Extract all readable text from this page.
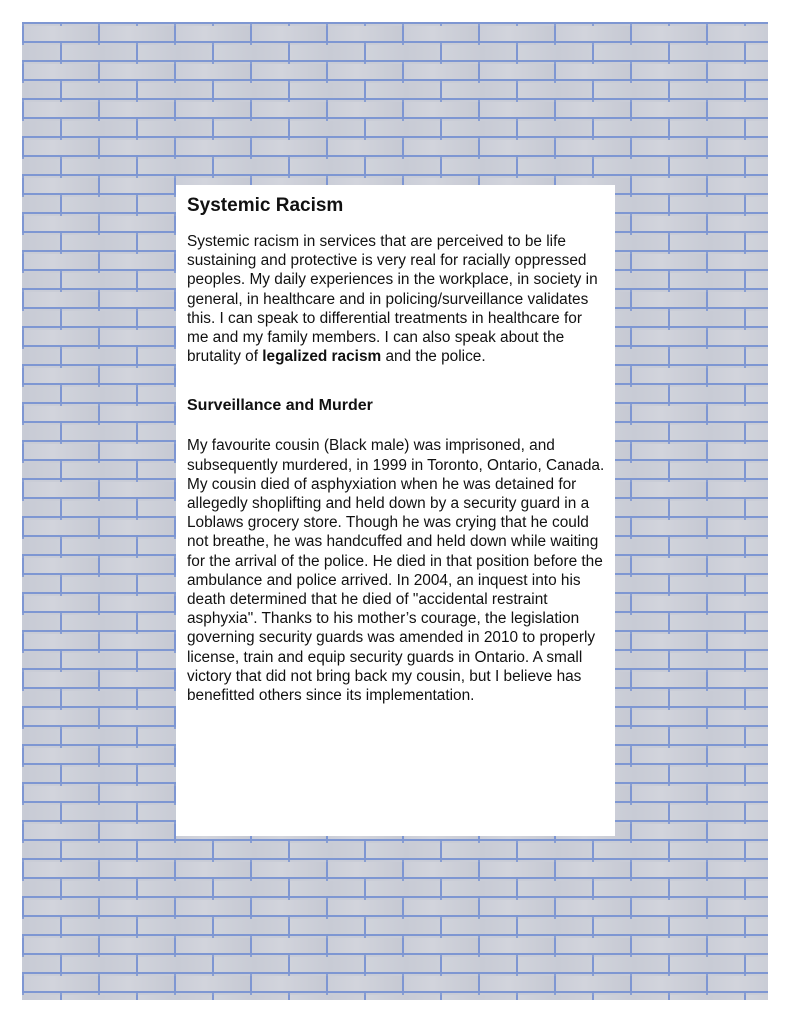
Systemic Racism

Systemic racism in services that are perceived to be life sustaining and protective is very real for racially oppressed peoples. My daily experiences in the workplace, in society in general, in healthcare and in policing/surveillance validates this. I can speak to differential treatments in healthcare for me and my family members. I can also speak about the brutality of legalized racism and the police.

Surveillance and Murder

My favourite cousin (Black male) was imprisoned, and subsequently murdered, in 1999 in Toronto, Ontario, Canada. My cousin died of asphyxiation when he was detained for allegedly shoplifting and held down by a security guard in a Loblaws grocery store. Though he was crying that he could not breathe, he was handcuffed and held down while waiting for the arrival of the police. He died in that position before the ambulance and police arrived. In 2004, an inquest into his death determined that he died of "accidental restraint asphyxia". Thanks to his mother’s courage, the legislation governing security guards was amended in 2010 to properly license, train and equip security guards in Ontario. A small victory that did not bring back my cousin, but I believe has benefitted others since its implementation.
